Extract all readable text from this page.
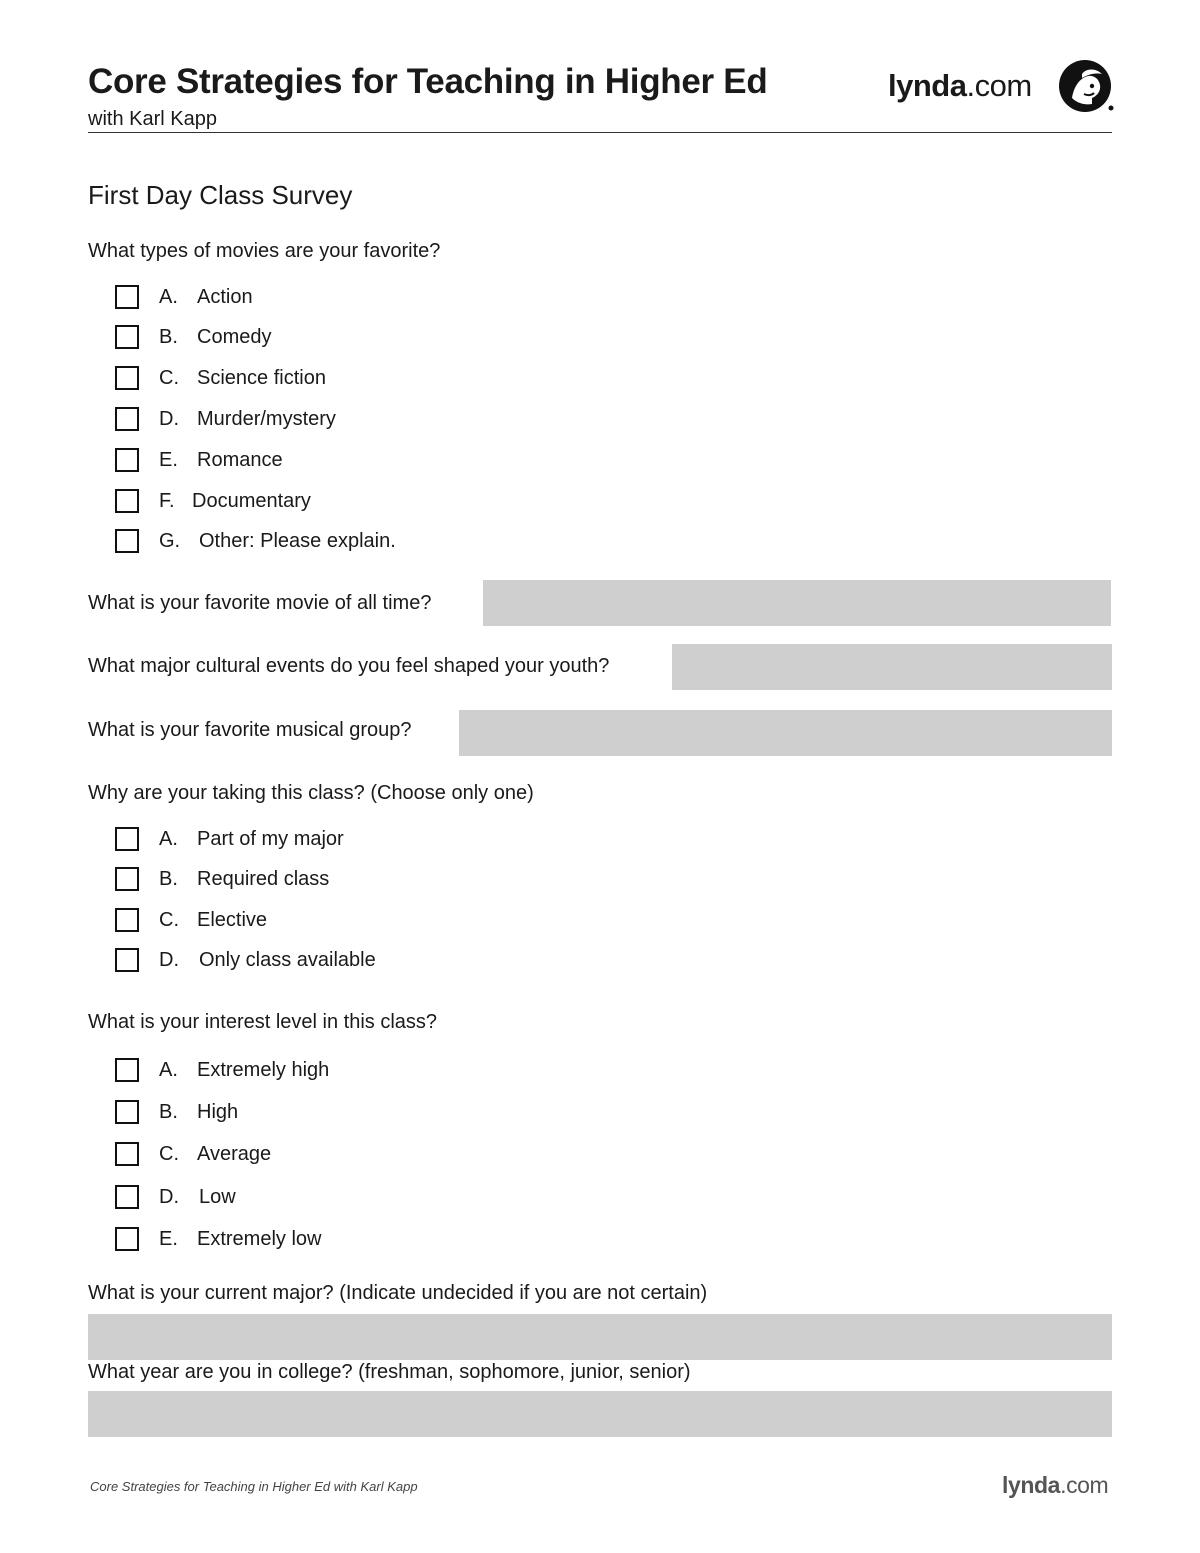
Core Strategies for Teaching in Higher Ed
with Karl Kapp
lynda.com
First Day Class Survey
What types of movies are your favorite?
A. Action
B. Comedy
C. Science fiction
D. Murder/mystery
E. Romance
F. Documentary
G. Other: Please explain.
What is your favorite movie of all time?
What major cultural events do you feel shaped your youth?
What is your favorite musical group?
Why are your taking this class? (Choose only one)
A. Part of my major
B. Required class
C. Elective
D. Only class available
What is your interest level in this class?
A. Extremely high
B. High
C. Average
D. Low
E. Extremely low
What is your current major? (Indicate undecided if you are not certain)
What year are you in college? (freshman, sophomore, junior, senior)
Core Strategies for Teaching in Higher Ed with Karl Kapp	lynda.com
